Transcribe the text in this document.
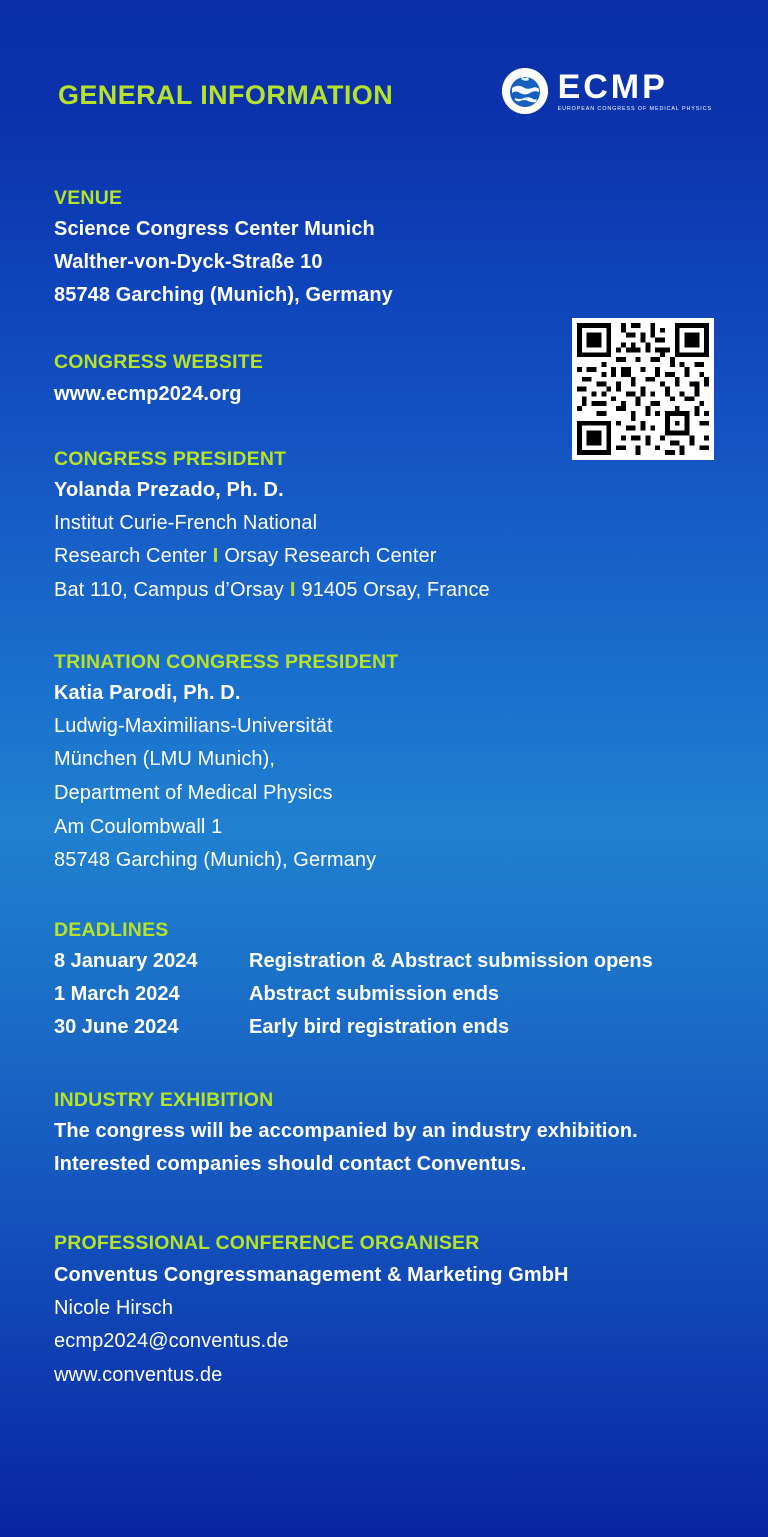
GENERAL INFORMATION	ECMP
EUROPEAN CONGRESS OF MEDICAL PHYSICS
VENUE
Science Congress Center Munich
Walther-von-Dyck-Straße 10
85748 Garching (Munich), Germany
CONGRESS WEBSITE
www.ecmp2024.org
CONGRESS PRESIDENT
Yolanda Prezado, Ph. D.
Institut Curie-French National
Research Center I Orsay Research Center
Bat 110, Campus d’Orsay I 91405 Orsay, France
TRINATION CONGRESS PRESIDENT
Katia Parodi, Ph. D.
Ludwig-Maximilians-Universität
München (LMU Munich),
Department of Medical Physics
Am Coulombwall 1
85748 Garching (Munich), Germany
DEADLINES
8 January 2024	Registration & Abstract submission opens
1 March 2024	Abstract submission ends
30 June 2024	Early bird registration ends
INDUSTRY EXHIBITION
The congress will be accompanied by an industry exhibition.
Interested companies should contact Conventus.
PROFESSIONAL CONFERENCE ORGANISER
Conventus Congressmanagement & Marketing GmbH
Nicole Hirsch
ecmp2024@conventus.de
www.conventus.de
